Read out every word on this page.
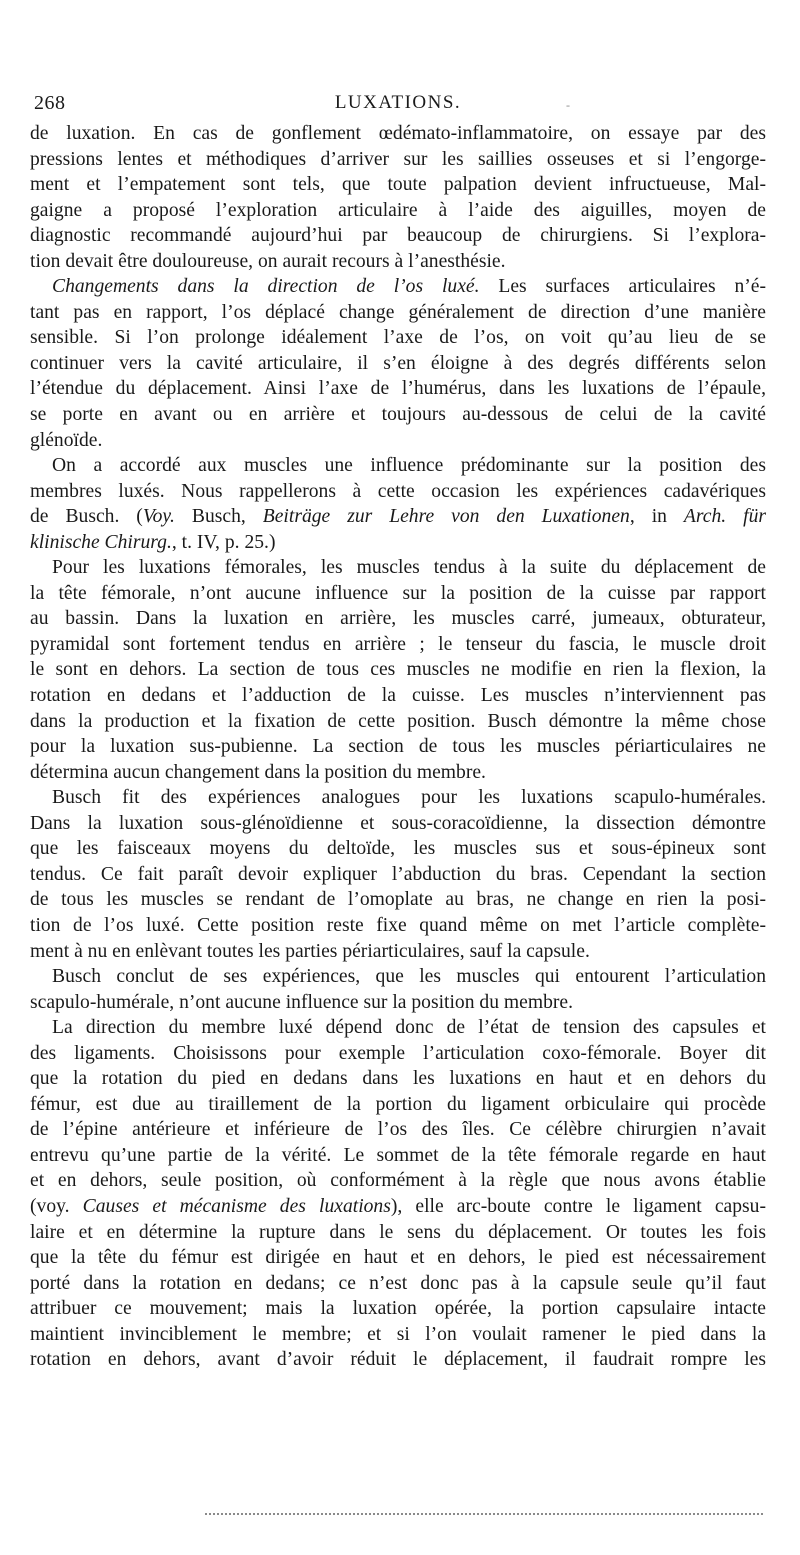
268	LUXATIONS.	-
de luxation. En cas de gonflement œdémato-inflammatoire, on essaye par des
pressions lentes et méthodiques d’arriver sur les saillies osseuses et si l’engorge-
ment et l’empatement sont tels, que toute palpation devient infructueuse, Mal-
gaigne a proposé l’exploration articulaire à l’aide des aiguilles, moyen de
diagnostic recommandé aujourd’hui par beaucoup de chirurgiens. Si l’explora-
tion devait être douloureuse, on aurait recours à l’anesthésie.
Changements dans la direction de l’os luxé. Les surfaces articulaires n’é-
tant pas en rapport, l’os déplacé change généralement de direction d’une manière
sensible. Si l’on prolonge idéalement l’axe de l’os, on voit qu’au lieu de se
continuer vers la cavité articulaire, il s’en éloigne à des degrés différents selon
l’étendue du déplacement. Ainsi l’axe de l’humérus, dans les luxations de l’épaule,
se porte en avant ou en arrière et toujours au-dessous de celui de la cavité
glénoïde.
On a accordé aux muscles une influence prédominante sur la position des
membres luxés. Nous rappellerons à cette occasion les expériences cadavériques
de Busch. (Voy. Busch, Beiträge zur Lehre von den Luxationen, in Arch. für
klinische Chirurg., t. IV, p. 25.)
Pour les luxations fémorales, les muscles tendus à la suite du déplacement de
la tête fémorale, n’ont aucune influence sur la position de la cuisse par rapport
au bassin. Dans la luxation en arrière, les muscles carré, jumeaux, obturateur,
pyramidal sont fortement tendus en arrière ; le tenseur du fascia, le muscle droit
le sont en dehors. La section de tous ces muscles ne modifie en rien la flexion, la
rotation en dedans et l’adduction de la cuisse. Les muscles n’interviennent pas
dans la production et la fixation de cette position. Busch démontre la même chose
pour la luxation sus-pubienne. La section de tous les muscles périarticulaires ne
détermina aucun changement dans la position du membre.
Busch fit des expériences analogues pour les luxations scapulo-humérales.
Dans la luxation sous-glénoïdienne et sous-coracoïdienne, la dissection démontre
que les faisceaux moyens du deltoïde, les muscles sus et sous-épineux sont
tendus. Ce fait paraît devoir expliquer l’abduction du bras. Cependant la section
de tous les muscles se rendant de l’omoplate au bras, ne change en rien la posi-
tion de l’os luxé. Cette position reste fixe quand même on met l’article complète-
ment à nu en enlèvant toutes les parties périarticulaires, sauf la capsule.
Busch conclut de ses expériences, que les muscles qui entourent l’articulation
scapulo-humérale, n’ont aucune influence sur la position du membre.
La direction du membre luxé dépend donc de l’état de tension des capsules et
des ligaments. Choisissons pour exemple l’articulation coxo-fémorale. Boyer dit
que la rotation du pied en dedans dans les luxations en haut et en dehors du
fémur, est due au tiraillement de la portion du ligament orbiculaire qui procède
de l’épine antérieure et inférieure de l’os des îles. Ce célèbre chirurgien n’avait
entrevu qu’une partie de la vérité. Le sommet de la tête fémorale regarde en haut
et en dehors, seule position, où conformément à la règle que nous avons établie
(voy. Causes et mécanisme des luxations), elle arc-boute contre le ligament capsu-
laire et en détermine la rupture dans le sens du déplacement. Or toutes les fois
que la tête du fémur est dirigée en haut et en dehors, le pied est nécessairement
porté dans la rotation en dedans; ce n’est donc pas à la capsule seule qu’il faut
attribuer ce mouvement; mais la luxation opérée, la portion capsulaire intacte
maintient invinciblement le membre; et si l’on voulait ramener le pied dans la
rotation en dehors, avant d’avoir réduit le déplacement, il faudrait rompre les
